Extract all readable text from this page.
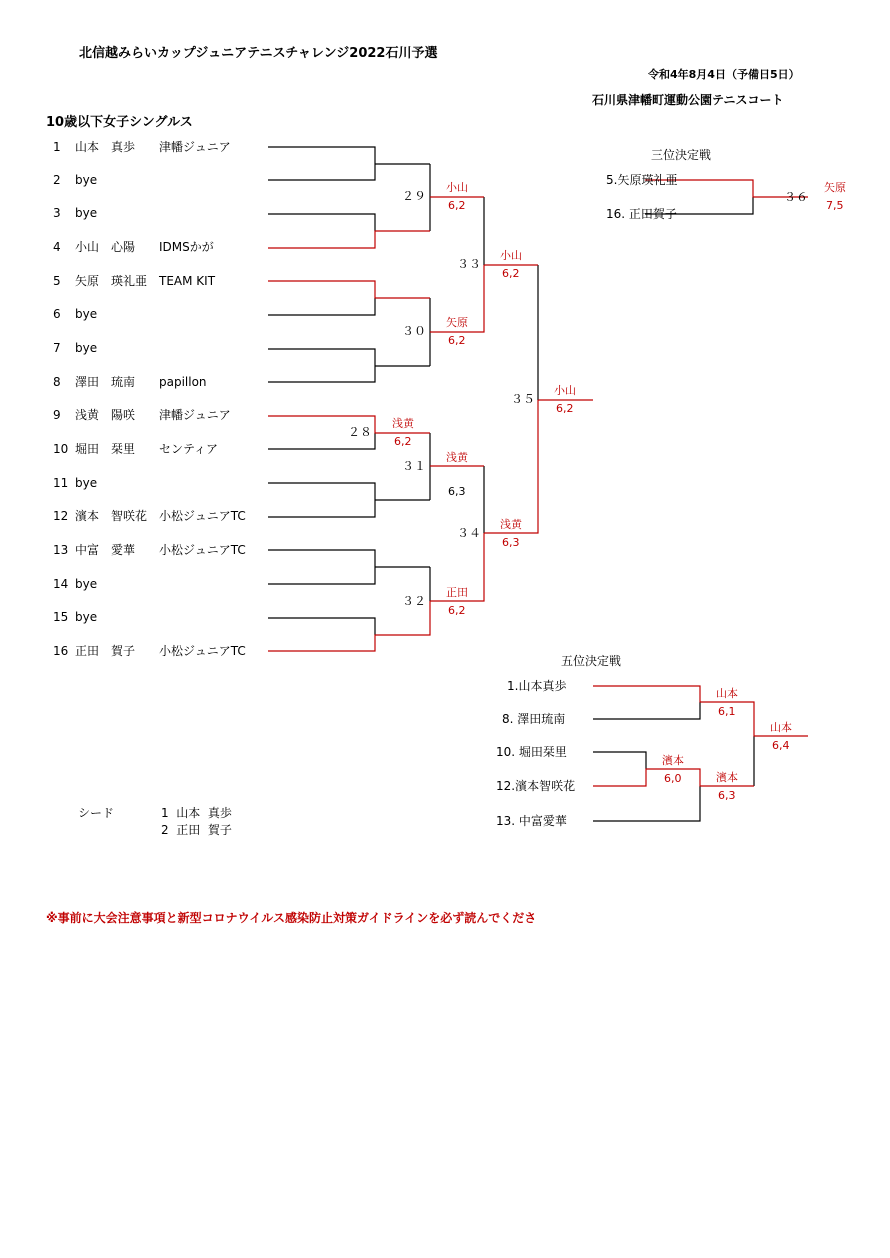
北信越みらいカップジュニアテニスチャレンジ2022石川予選
令和4年8月4日（予備日5日）
石川県津幡町運動公園テニスコート
10歳以下女子シングルス
1 山本 真歩 津幡ジュニア
2 bye
3 bye
4 小山 心陽 IDMSかが
5 矢原 瑛礼亜 TEAM KIT
6 bye
7 bye
8 澤田 琉南 papillon
9 浅黄 陽咲 津幡ジュニア
10 堀田 栞里 センティア
11 bye
12 濱本 智咲花 小松ジュニアTC
13 中富 愛華 小松ジュニアTC
14 bye
15 bye
16 正田 賀子 小松ジュニアTC
２９
小山
6,2
３０
矢原
6,2
２８
浅黄
6,2
３１
浅黄
6,3
３２
正田
6,2
３３
小山
6,2
３４
浅黄
6,3
３５
小山
6,2
三位決定戦
5.矢原瑛礼亜
16. 正田賀子
３６
矢原
7,5
五位決定戦
1.山本真歩
8. 澤田琉南
10. 堀田栞里
12.濱本智咲花
13. 中富愛華
山本
6,1
濱本
6,0	濱本
6,3
山本
6,4
シード	1  山本  真歩
2  正田  賀子
※事前に大会注意事項と新型コロナウイルス感染防止対策ガイドラインを必ず読んでくださ
